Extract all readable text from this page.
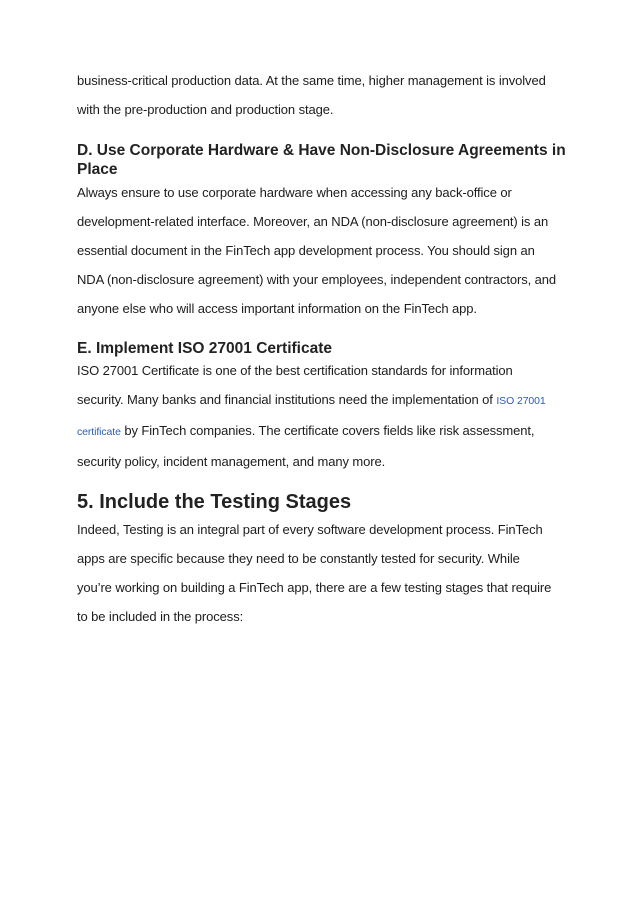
business-critical production data. At the same time, higher management is involved
with the pre-production and production stage.

D. Use Corporate Hardware & Have Non-Disclosure Agreements in
Place

Always ensure to use corporate hardware when accessing any back-office or
development-related interface. Moreover, an NDA (non-disclosure agreement) is an
essential document in the FinTech app development process. You should sign an
NDA (non-disclosure agreement) with your employees, independent contractors, and
anyone else who will access important information on the FinTech app.

E. Implement ISO 27001 Certificate

ISO 27001 Certificate is one of the best certification standards for information
security. Many banks and financial institutions need the implementation of ISO 27001
certificate by FinTech companies. The certificate covers fields like risk assessment,
security policy, incident management, and many more.

5. Include the Testing Stages

Indeed, Testing is an integral part of every software development process. FinTech
apps are specific because they need to be constantly tested for security. While
you’re working on building a FinTech app, there are a few testing stages that require
to be included in the process:
